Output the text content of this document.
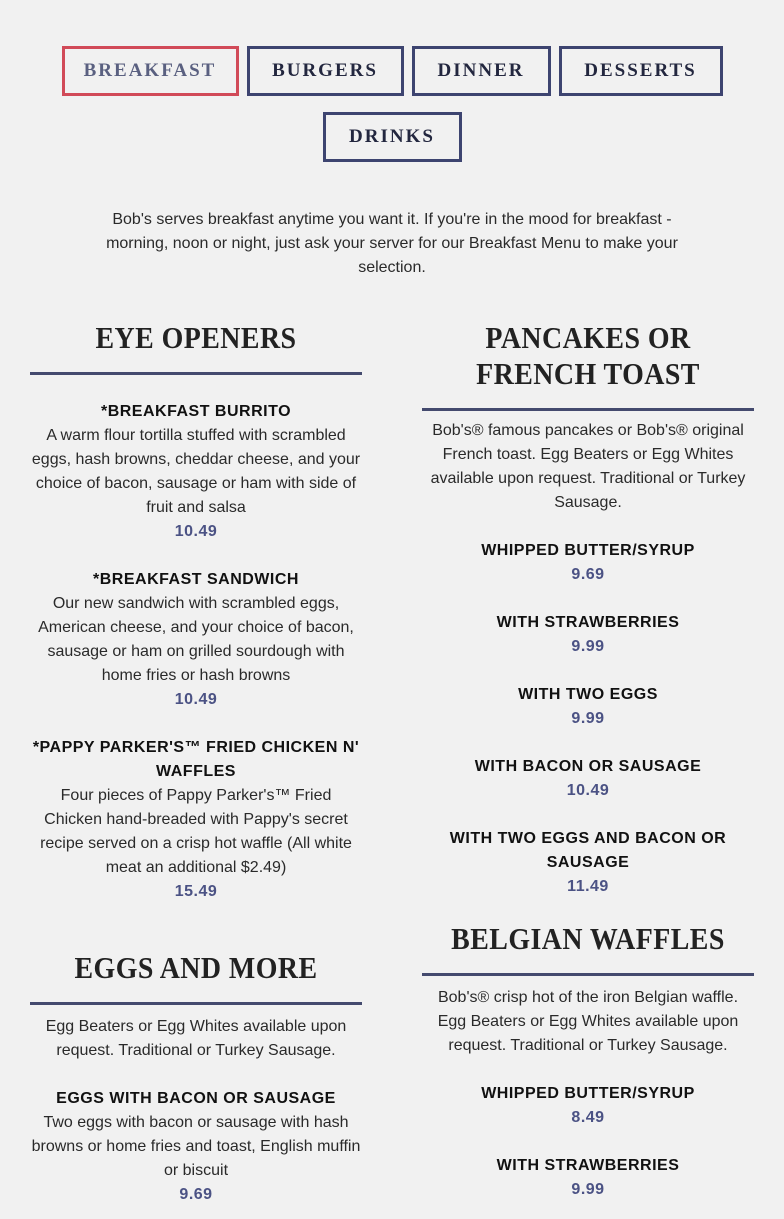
BREAKFAST	BURGERS	DINNER	DESSERTS
DRINKS
Bob's serves breakfast anytime you want it. If you're in the mood for breakfast - morning, noon or night, just ask your server for our Breakfast Menu to make your selection.
EYE OPENERS
*BREAKFAST BURRITO
A warm flour tortilla stuffed with scrambled eggs, hash browns, cheddar cheese, and your choice of bacon, sausage or ham with side of fruit and salsa
10.49
*BREAKFAST SANDWICH
Our new sandwich with scrambled eggs, American cheese, and your choice of bacon, sausage or ham on grilled sourdough with home fries or hash browns
10.49
*PAPPY PARKER'S™ FRIED CHICKEN N' WAFFLES
Four pieces of Pappy Parker's™ Fried Chicken hand-breaded with Pappy's secret recipe served on a crisp hot waffle (All white meat an additional $2.49)
15.49
EGGS AND MORE
Egg Beaters or Egg Whites available upon request. Traditional or Turkey Sausage.
EGGS WITH BACON OR SAUSAGE
Two eggs with bacon or sausage with hash browns or home fries and toast, English muffin or biscuit
9.69
PANCAKES OR FRENCH TOAST
Bob's® famous pancakes or Bob's® original French toast. Egg Beaters or Egg Whites available upon request. Traditional or Turkey Sausage.
WHIPPED BUTTER/SYRUP
9.69
WITH STRAWBERRIES
9.99
WITH TWO EGGS
9.99
WITH BACON OR SAUSAGE
10.49
WITH TWO EGGS AND BACON OR SAUSAGE
11.49
BELGIAN WAFFLES
Bob's® crisp hot of the iron Belgian waffle. Egg Beaters or Egg Whites available upon request. Traditional or Turkey Sausage.
WHIPPED BUTTER/SYRUP
8.49
WITH STRAWBERRIES
9.99
